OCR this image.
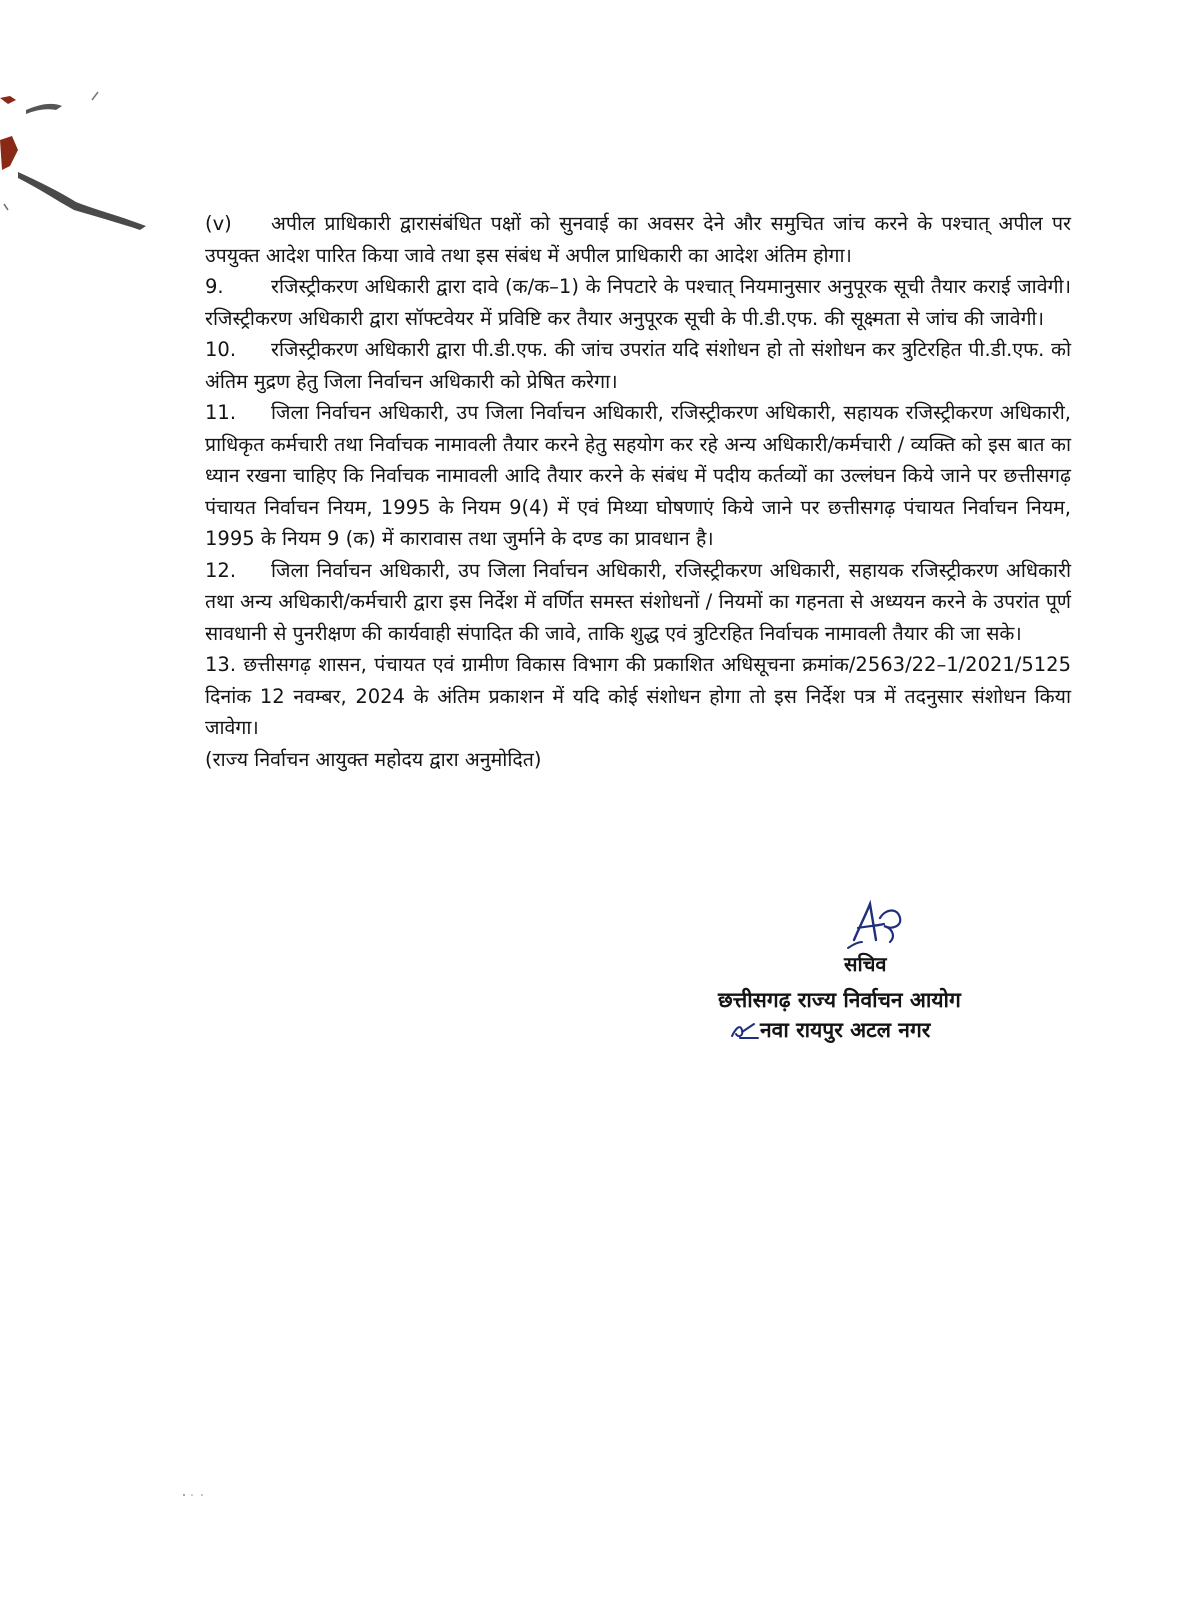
(v) अपील प्राधिकारी द्वारासंबंधित पक्षों को सुनवाई का अवसर देने और समुचित जांच करने के पश्चात् अपील पर उपयुक्त आदेश पारित किया जावे तथा इस संबंध में अपील प्राधिकारी का आदेश अंतिम होगा।

9. रजिस्ट्रीकरण अधिकारी द्वारा दावे (क/क–1) के निपटारे के पश्चात् नियमानुसार अनुपूरक सूची तैयार कराई जावेगी। रजिस्ट्रीकरण अधिकारी द्वारा सॉफ्टवेयर में प्रविष्टि कर तैयार अनुपूरक सूची के पी.डी.एफ. की सूक्ष्मता से जांच की जावेगी।

10. रजिस्ट्रीकरण अधिकारी द्वारा पी.डी.एफ. की जांच उपरांत यदि संशोधन हो तो संशोधन कर त्रुटिरहित पी.डी.एफ. को अंतिम मुद्रण हेतु जिला निर्वाचन अधिकारी को प्रेषित करेगा।

11. जिला निर्वाचन अधिकारी, उप जिला निर्वाचन अधिकारी, रजिस्ट्रीकरण अधिकारी, सहायक रजिस्ट्रीकरण अधिकारी, प्राधिकृत कर्मचारी तथा निर्वाचक नामावली तैयार करने हेतु सहयोग कर रहे अन्य अधिकारी/कर्मचारी / व्यक्ति को इस बात का ध्यान रखना चाहिए कि निर्वाचक नामावली आदि तैयार करने के संबंध में पदीय कर्तव्यों का उल्लंघन किये जाने पर छत्तीसगढ़ पंचायत निर्वाचन नियम, 1995 के नियम 9(4) में एवं मिथ्या घोषणाएं किये जाने पर छत्तीसगढ़ पंचायत निर्वाचन नियम, 1995 के नियम 9 (क) में कारावास तथा जुर्माने के दण्ड का प्रावधान है।

12. जिला निर्वाचन अधिकारी, उप जिला निर्वाचन अधिकारी, रजिस्ट्रीकरण अधिकारी, सहायक रजिस्ट्रीकरण अधिकारी तथा अन्य अधिकारी/कर्मचारी द्वारा इस निर्देश में वर्णित समस्त संशोधनों / नियमों का गहनता से अध्ययन करने के उपरांत पूर्ण सावधानी से पुनरीक्षण की कार्यवाही संपादित की जावे, ताकि शुद्ध एवं त्रुटिरहित निर्वाचक नामावली तैयार की जा सके।

13. छत्तीसगढ़ शासन, पंचायत एवं ग्रामीण विकास विभाग की प्रकाशित अधिसूचना क्रमांक/2563/22–1/2021/5125 दिनांक 12 नवम्बर, 2024 के अंतिम प्रकाशन में यदि कोई संशोधन होगा तो इस निर्देश पत्र में तदनुसार संशोधन किया जावेगा।

(राज्य निर्वाचन आयुक्त महोदय द्वारा अनुमोदित)

सचिव
छत्तीसगढ़ राज्य निर्वाचन आयोग
नवा रायपुर अटल नगर
